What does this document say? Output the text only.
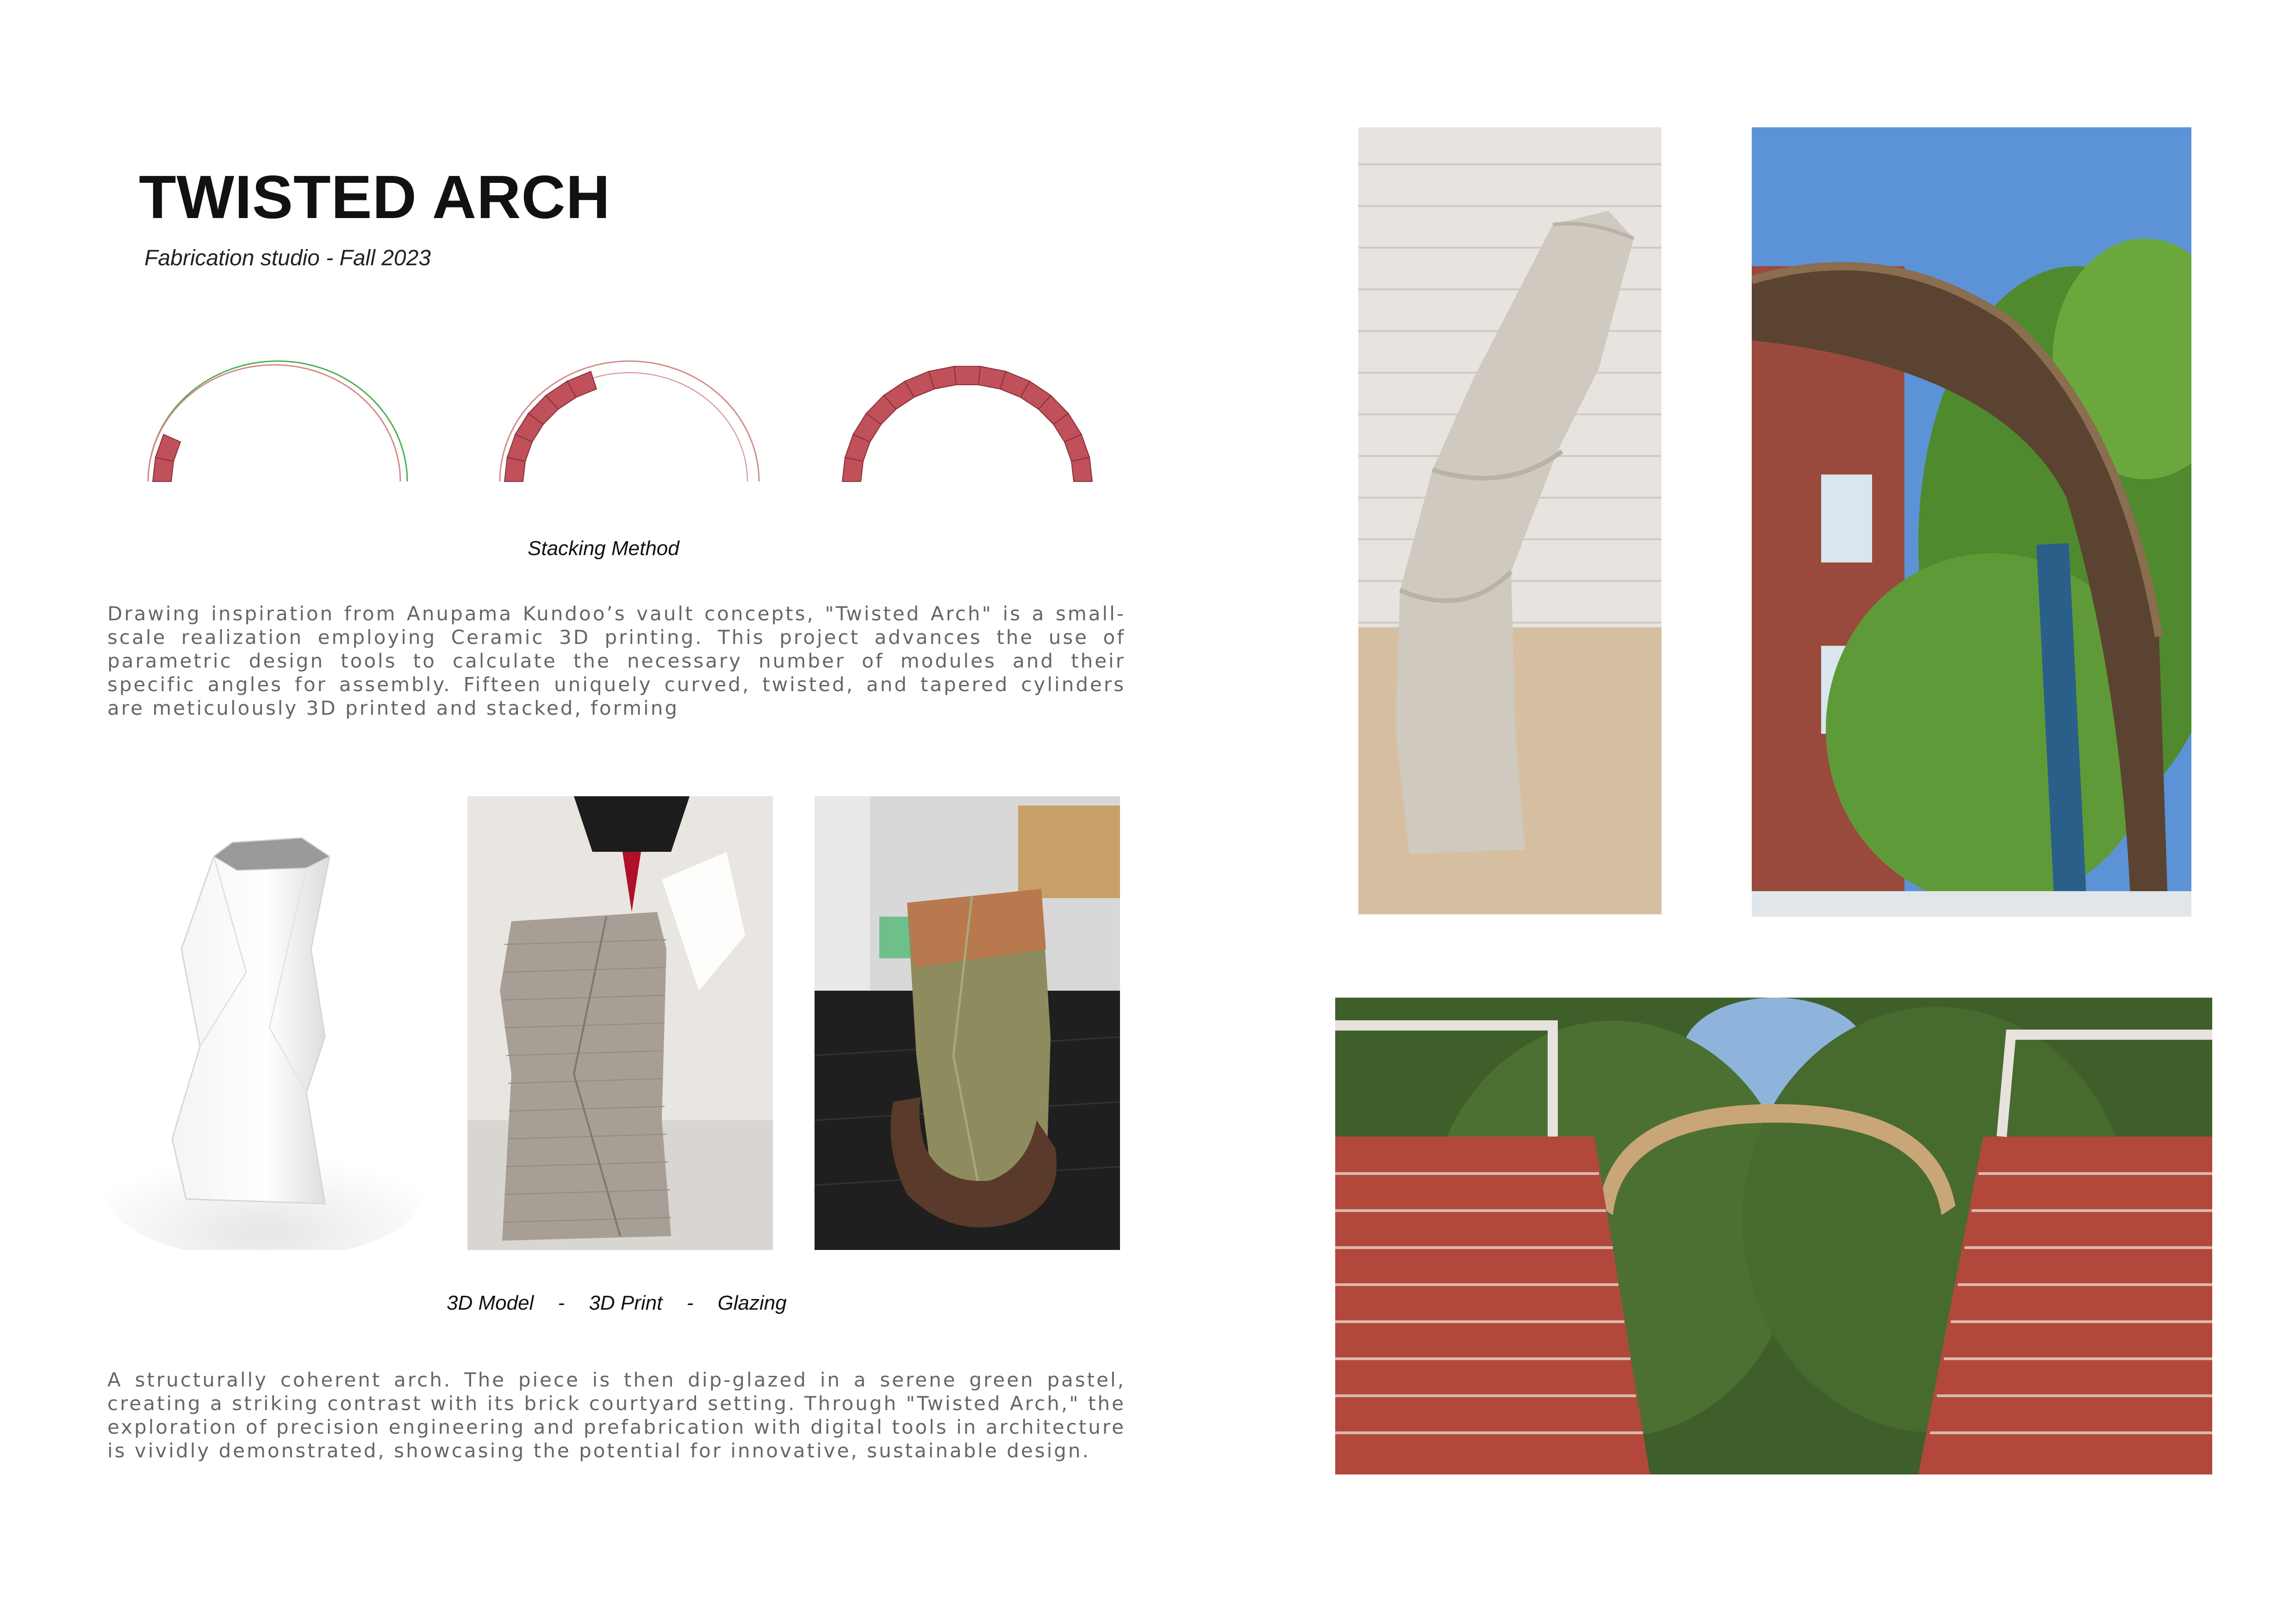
TWISTED ARCH
Fabrication studio - Fall 2023
Stacking Method
Drawing inspiration from Anupama Kundoo’s vault concepts, "Twisted Arch" is a small-scale realization employing Ceramic 3D printing. This project advances the use of parametric design tools to calculate the necessary number of modules and their specific angles for assembly. Fifteen uniquely curved, twisted, and tapered cylinders are meticulously 3D printed and stacked, forming
3D Model - 3D Print - Glazing
A structurally coherent arch. The piece is then dip-glazed in a serene green pastel, creating a striking contrast with its brick courtyard setting. Through "Twisted Arch," the exploration of precision engineering and prefabrication with digital tools in architecture is vividly demonstrated, showcasing the potential for innovative, sustainable design.
